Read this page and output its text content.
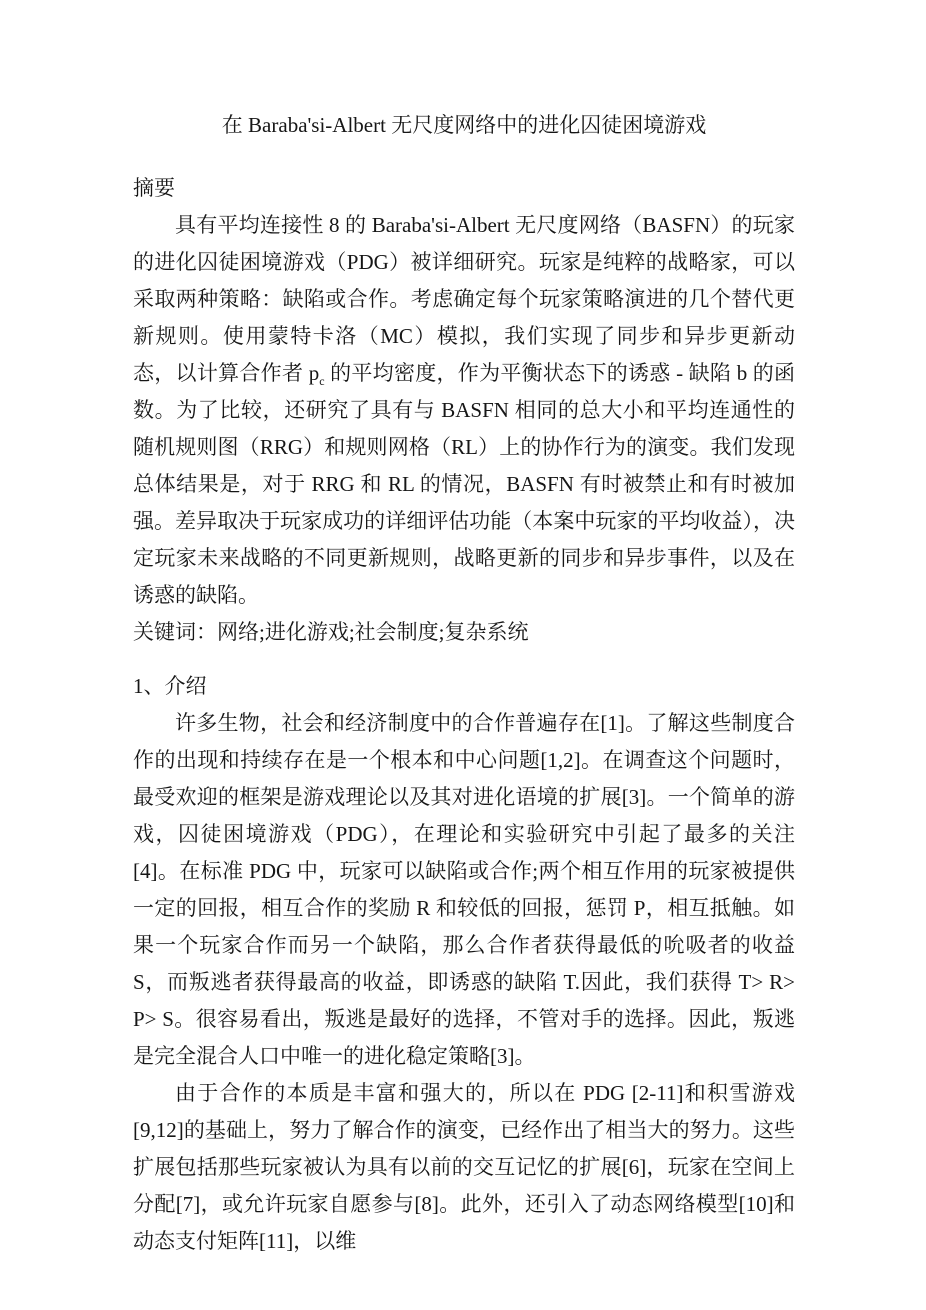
在 Baraba'si-Albert 无尺度网络中的进化囚徒困境游戏

摘要

具有平均连接性 8 的 Baraba'si-Albert 无尺度网络（BASFN）的玩家的进化囚徒困境游戏（PDG）被详细研究。玩家是纯粹的战略家，可以采取两种策略：缺陷或合作。考虑确定每个玩家策略演进的几个替代更新规则。使用蒙特卡洛（MC）模拟，我们实现了同步和异步更新动态，以计算合作者 $p_c$ 的平均密度，作为平衡状态下的诱惑 - 缺陷 b 的函数。为了比较，还研究了具有与 BASFN 相同的总大小和平均连通性的随机规则图（RRG）和规则网格（RL）上的协作行为的演变。我们发现总体结果是，对于 RRG 和 RL 的情况，BASFN 有时被禁止和有时被加强。差异取决于玩家成功的详细评估功能（本案中玩家的平均收益），决定玩家未来战略的不同更新规则，战略更新的同步和异步事件，以及在诱惑的缺陷。

关键词：网络;进化游戏;社会制度;复杂系统

1、介绍

许多生物，社会和经济制度中的合作普遍存在[1]。了解这些制度合作的出现和持续存在是一个根本和中心问题[1,2]。在调查这个问题时，最受欢迎的框架是游戏理论以及其对进化语境的扩展[3]。一个简单的游戏，囚徒困境游戏（PDG），在理论和实验研究中引起了最多的关注[4]。在标准 PDG 中，玩家可以缺陷或合作;两个相互作用的玩家被提供一定的回报，相互合作的奖励 R 和较低的回报，惩罚 P，相互抵触。如果一个玩家合作而另一个缺陷，那么合作者获得最低的吮吸者的收益 S，而叛逃者获得最高的收益，即诱惑的缺陷 T.因此，我们获得 T> R> P> S。很容易看出，叛逃是最好的选择，不管对手的选择。因此，叛逃是完全混合人口中唯一的进化稳定策略[3]。

由于合作的本质是丰富和强大的，所以在 PDG [2-11]和积雪游戏[9,12]的基础上，努力了解合作的演变，已经作出了相当大的努力。这些扩展包括那些玩家被认为具有以前的交互记忆的扩展[6]，玩家在空间上分配[7]，或允许玩家自愿参与[8]。此外，还引入了动态网络模型[10]和动态支付矩阵[11]，以维
